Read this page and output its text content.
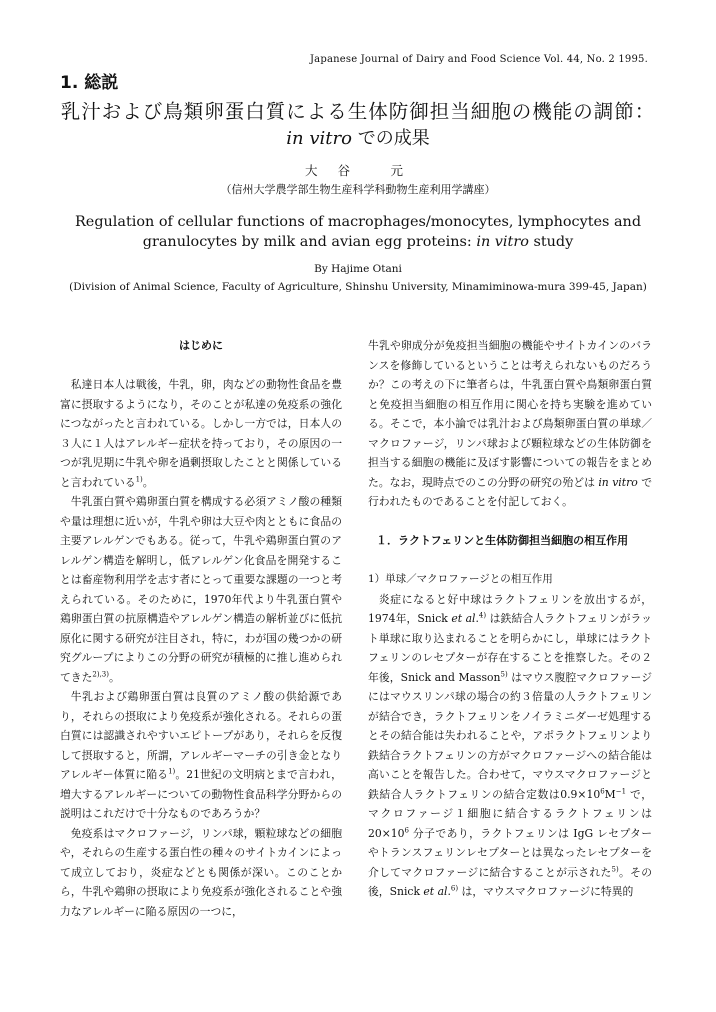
Japanese Journal of Dairy and Food Science Vol. 44, No. 2 1995.
1. 総説
乳汁および鳥類卵蛋白質による生体防御担当細胞の機能の調節：
in vitro での成果
大 谷 　元
（信州大学農学部生物生産科学科動物生産利用学講座）
Regulation of cellular functions of macrophages/monocytes, lymphocytes and granulocytes by milk and avian egg proteins: in vitro study
By Hajime Otani
(Division of Animal Science, Faculty of Agriculture, Shinshu University, Minamiminowa-mura 399-45, Japan)
はじめに

私達日本人は戦後，牛乳，卵，肉などの動物性食品を豊富に摂取するようになり，そのことが私達の免疫系の強化につながったと言われている。しかし一方では，日本人の３人に１人はアレルギー症状を持っており，その原因の一つが乳児期に牛乳や卵を過剰摂取したことと関係していると言われている$^{1)}$。

牛乳蛋白質や鶏卵蛋白質を構成する必須アミノ酸の種類や量は理想に近いが，牛乳や卵は大豆や肉とともに食品の主要アレルゲンでもある。従って，牛乳や鶏卵蛋白質のアレルゲン構造を解明し，低アレルゲン化食品を開発することは畜産物利用学を志す者にとって重要な課題の一つと考えられている。そのために，1970年代より牛乳蛋白質や鶏卵蛋白質の抗原構造やアレルゲン構造の解析並びに低抗原化に関する研究が注目され，特に，わが国の幾つかの研究グループによりこの分野の研究が積極的に推し進められてきた$^{2),3)}$。

牛乳および鶏卵蛋白質は良質のアミノ酸の供給源であり，それらの摂取により免疫系が強化される。それらの蛋白質には認識されやすいエピトープがあり，それらを反復して摂取すると，所謂，アレルギーマーチの引き金となりアレルギー体質に陥る$^{1)}$。21世紀の文明病とまで言われ，増大するアレルギーについての動物性食品科学分野からの説明はこれだけで十分なものであろうか？

免疫系はマクロファージ，リンパ球，顆粒球などの細胞や，それらの生産する蛋白性の種々のサイトカインによって成立しており，炎症などとも関係が深い。このことから，牛乳や鶏卵の摂取により免疫系が強化されることや強力なアレルギーに陥る原因の一つに，

牛乳や卵成分が免疫担当細胞の機能やサイトカインのバランスを修飾しているということは考えられないものだろうか？この考えの下に筆者らは，牛乳蛋白質や鳥類卵蛋白質と免疫担当細胞の相互作用に関心を持ち実験を進めている。そこで，本小論では乳汁および鳥類卵蛋白質の単球／マクロファージ，リンパ球および顆粒球などの生体防御を担当する細胞の機能に及ぼす影響についての報告をまとめた。なお，現時点でのこの分野の研究の殆どは in vitro で行われたものであることを付記しておく。

１．ラクトフェリンと生体防御担当細胞の相互作用
1）単球／マクロファージとの相互作用

炎症になると好中球はラクトフェリンを放出するが，1974年，Snick et al.$^{4)}$ は鉄結合人ラクトフェリンがラット単球に取り込まれることを明らかにし，単球にはラクトフェリンのレセプターが存在することを推察した。その２年後，Snick and Masson$^{5)}$ はマウス腹腔マクロファージにはマウスリンパ球の場合の約３倍量の人ラクトフェリンが結合でき，ラクトフェリンをノイラミニダーゼ処理するとその結合能は失われることや，アポラクトフェリンより鉄結合ラクトフェリンの方がマクロファージへの結合能は高いことを報告した。合わせて，マウスマクロファージと鉄結合人ラクトフェリンの結合定数は$0.9\times 10^6M^{-1}$ で，マクロファージ１細胞に結合するラクトフェリンは$20\times 10^6$ 分子であり，ラクトフェリンは IgG レセプターやトランスフェリンレセプターとは異なったレセプターを介してマクロファージに結合することが示された$^{5)}$。その後，Snick et al.$^{6)}$ は，マウスマクロファージに特異的
